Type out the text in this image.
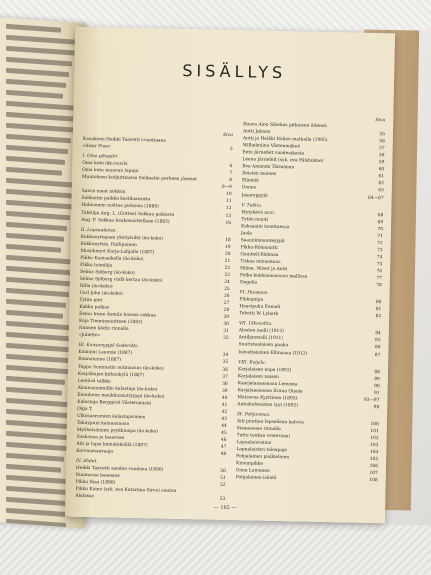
SISÄLLYS
Sivu
Kauskomi Heikki Taavetti i-vuotiaana
»Sisar Piua»
5
I. Oma pihapiiri.
Oma koto ikk-ruuvla	6
Oma kotu muuvun lapuja	7
Muutoksen kotijuttuussa Soldaatin perheen jäsenet	8
8—9
Saivai maat nokkuu	10
Soldaatin paikka kastilaaisesta	11
Holmiamin noittaa pistonsa (1880)	12
Tahtilija Aug. L. (Gottne) Sokkaa paikasta	13
Aug. F. Sokkaa kaukosuottellaan (1883)	16
II. Lapsuutensa.
Kokkonyttajaan yksityisiltä (äo-koko)	18
Kokkonyttäs. Hallipuinen	19
Musiikinyri Karja-Lohjalla (1887)	20
Pikku Kunisaikalla (äo-koko)	21
Pikku taimilija	22
Selma Sjöberg (äo-koko)	23
Selma Sjöberg viidä kertaa (äo-koko)	24
Nilla (äo-koko)	25
Carl John (äo-koko)	26
Tytön piiri
27
Kukka pulkas	28
Eemu Irene Äomiin kanssa sukkaa	29
Koja Timmiusuutteen (1882)	30
Naimen kädin rinnalla	31
»Juliette»
32
III. Kansanyypjä Soderalta.
Kaimiini Lauonie (1887)	34
Rannannine (1887)	35
Teppu Summatin nutmuasus (äo-koko)	36
Karjalkajan kirkonkylä (1887)	37
Lentävä talkko	38
Aloumaanmullin kalastaja (äo-koko)	39
Eenuhenn maukkuasuttyyppi (äo-koko)	40
Kalastaja Bergqvist Västeromistä	41
Olga T.
42
Ulkosaarumien kalastajavaimo	43
Takaypuni kainaanaaaa	44
Myöhäisäiinen pyykkioopa (äo-koko)	45
Vaahaaaa ja taaaraaa	46
Äiti ja lapsi heinätekoillä (1887)	47
Korvaamaavaaja	48
IV. Ahdut.
Heikki Taavetti suoden vuodana (1890)	50
Ruumassa laaaaaaa	51
Pikku Ihaa (1890)	52
Pikku Kaino (syk. eva Katariina Sirvo) suutaa
Ahdassa
53
Sivu
Rouva Aino Sibelius pitkoisen äitensä
Antti Jahaan	55
Antti ja Heikki Italian matkalla (1905)	56
Wilhelmiina Västenmäkeä	57
Eeto Järnefelt vuodeaikasta	58
Leena Järnefelt (syk. eva Pålsholme)	59
Rva Amanda Törmänen	60
Iloisten mainen	61
Elämää
62
Donna
63
Jasaryppyjä	64—67
V. Tutkia.
Mytykävä mcci	68
Tytön muoti	69
Kaksaaiin tasottaessa	70
Jaala
71
Saaunimioonteyypli	72
Pikku-Röömantti	73
Gambell-Röömaa	74
Tiskaa mimaataaa	75
Hilma, Nöser ja Antti	76
Polka kukkaaaaaaaaa mallissa	77
Ongelia
78
VI. Huopaus.
Pikkupiipu	80
Haavipuku Eemeli	81
Tohotti W. Lyberk	82
VII. Ulkovaltia.
Alastan malli (1912)	84
Antiljonmalli (1911)	85
Suuristaalaisen puuka	86
Isävaltaisinen Ellinaaaa (1912)	87
VIII. Kaijala.
Karjalaisen napa (1892)	88
Karjalaisen naisen	89
Kaarjalaaaaaaaaa Lemosta	90
Karjalaaaaaaaa Ilvana Otsola	91
Matravaa Kyyttinen (1893)	93—97
Autiokohtaisten tyyi (1892)	98
IX. Pohjanmaa.
Äiti puuttaa lapsellaan kalvvis	100
Siaaaaaaaa rinnalla	101
Tuttu tuokaa vesteraani	102
Lapualaisvaimo	103
Lapualaisten taloupaja	104
Pohjalainen pisikielinen	105
Kirsunpikka	106
Gona Lumonen	107
Pohjalainen isäntä	108
— 165 —
